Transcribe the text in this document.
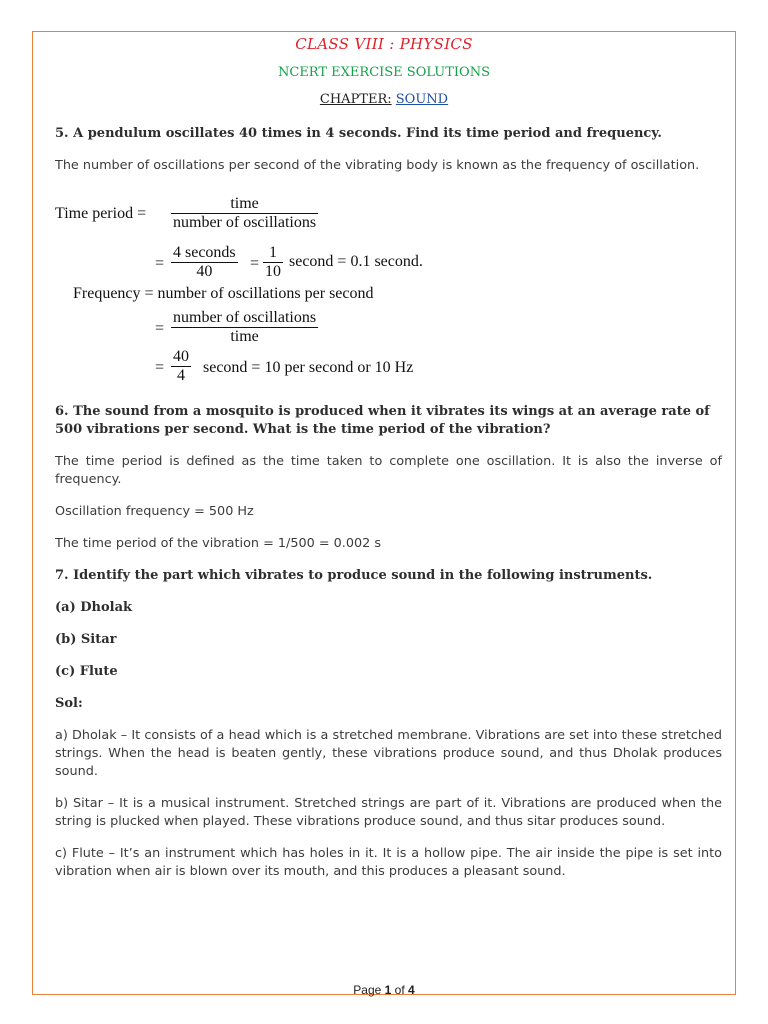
CLASS VIII : PHYSICS
NCERT EXERCISE SOLUTIONS
CHAPTER: SOUND
5. A pendulum oscillates 40 times in 4 seconds. Find its time period and frequency.
The number of oscillations per second of the vibrating body is known as the frequency of oscillation.
Time period =
time
number of oscillations
=
4 seconds
40	= $\frac{1}{10}$ second = 0.1 second.
Frequency = number of oscillations per second
=
number of oscillations
time
= $\frac{40}{4}$ second = 10 per second or 10 Hz
6. The sound from a mosquito is produced when it vibrates its wings at an average rate of 500 vibrations per second. What is the time period of the vibration?
The time period is defined as the time taken to complete one oscillation. It is also the inverse of frequency.
Oscillation frequency = 500 Hz
The time period of the vibration = 1/500 = 0.002 s
7. Identify the part which vibrates to produce sound in the following instruments.
(a) Dholak
(b) Sitar
(c) Flute
Sol:
a) Dholak – It consists of a head which is a stretched membrane. Vibrations are set into these stretched strings. When the head is beaten gently, these vibrations produce sound, and thus Dholak produces sound.
b) Sitar – It is a musical instrument. Stretched strings are part of it. Vibrations are produced when the string is plucked when played. These vibrations produce sound, and thus sitar produces sound.
c) Flute – It’s an instrument which has holes in it. It is a hollow pipe. The air inside the pipe is set into vibration when air is blown over its mouth, and this produces a pleasant sound.
Page 1 of 4
